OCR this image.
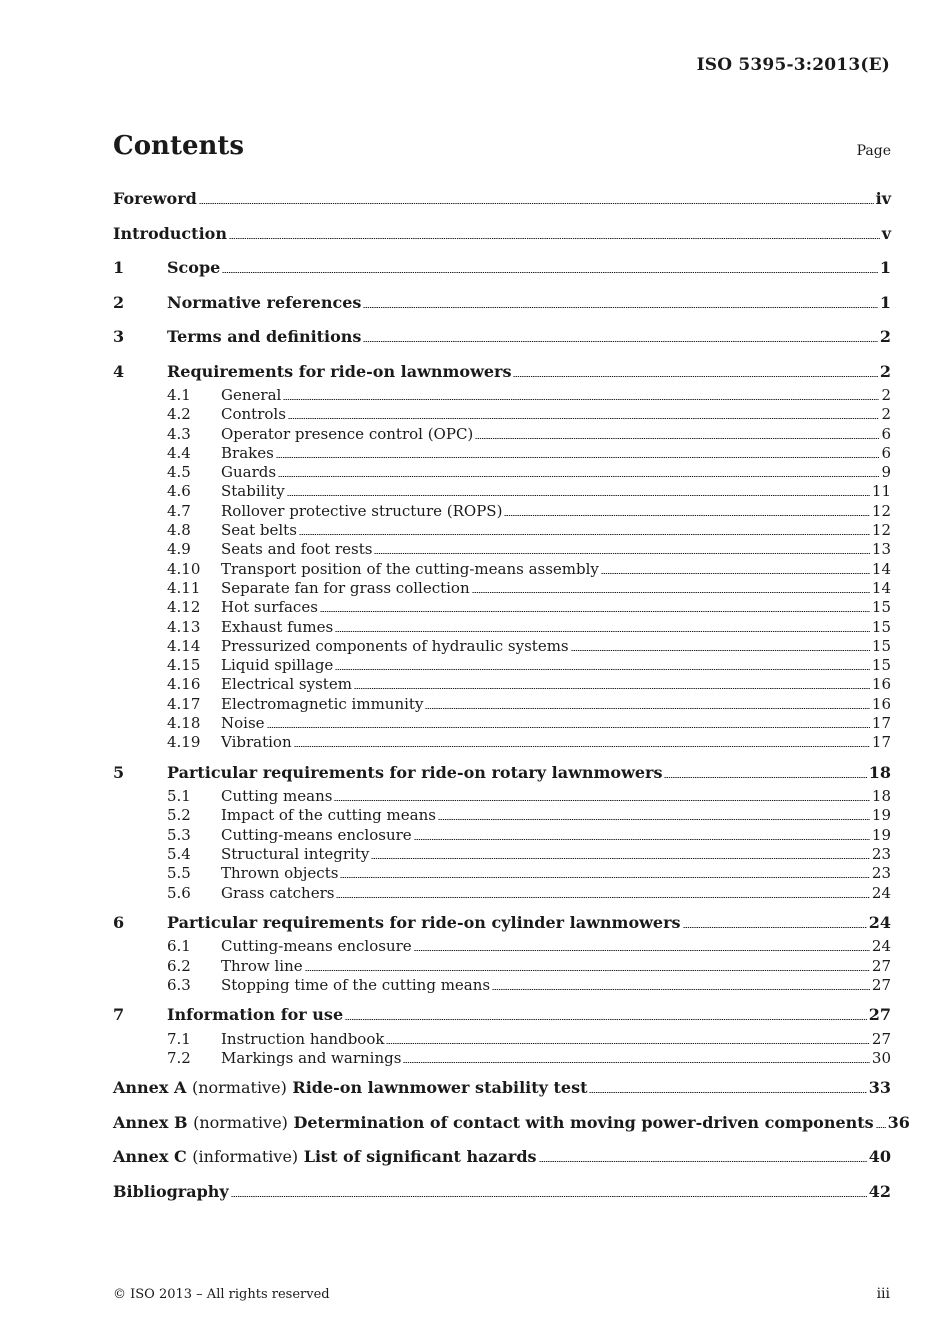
ISO 5395-3:2013(E)
Contents	Page
Foreword	iv
Introduction	v
1	Scope	1
2	Normative references	1
3	Terms and definitions	2
4	Requirements for ride-on lawnmowers	2
4.1	General	2
4.2	Controls	2
4.3	Operator presence control (OPC)	6
4.4	Brakes	6
4.5	Guards	9
4.6	Stability	11
4.7	Rollover protective structure (ROPS)	12
4.8	Seat belts	12
4.9	Seats and foot rests	13
4.10	Transport position of the cutting-means assembly	14
4.11	Separate fan for grass collection	14
4.12	Hot surfaces	15
4.13	Exhaust fumes	15
4.14	Pressurized components of hydraulic systems	15
4.15	Liquid spillage	15
4.16	Electrical system	16
4.17	Electromagnetic immunity	16
4.18	Noise	17
4.19	Vibration	17
5	Particular requirements for ride-on rotary lawnmowers	18
5.1	Cutting means	18
5.2	Impact of the cutting means	19
5.3	Cutting-means enclosure	19
5.4	Structural integrity	23
5.5	Thrown objects	23
5.6	Grass catchers	24
6	Particular requirements for ride-on cylinder lawnmowers	24
6.1	Cutting-means enclosure	24
6.2	Throw line	27
6.3	Stopping time of the cutting means	27
7	Information for use	27
7.1	Instruction handbook	27
7.2	Markings and warnings	30
Annex A (normative) Ride-on lawnmower stability test	33
Annex B (normative) Determination of contact with moving power-driven components 36
Annex C (informative) List of significant hazards	40
Bibliography	42
© ISO 2013 – All rights reserved	iii
